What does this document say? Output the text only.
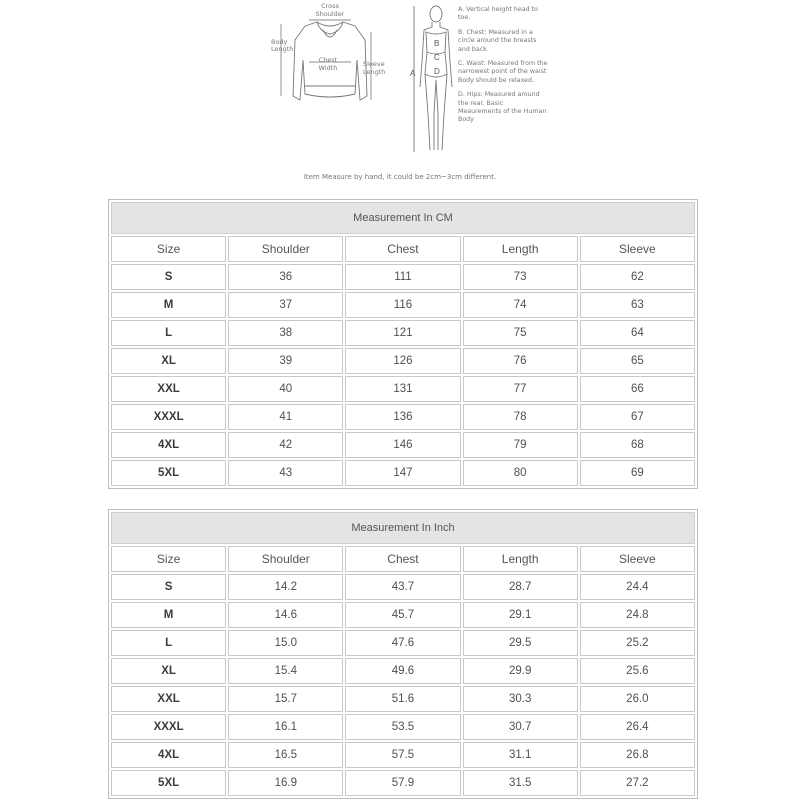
Cross
Shoulder
Body
Length
Chest
Width	Sleeve
Length	A
B
C
D

A. Vertical height head to toe.

B. Chest: Measured in a circle around the breasts and back.

C. Waist: Measured from the narrowest point of the waist Body should be relaxed.

D. Hips: Measured around the rear. Basic Meaurements of the Human Body

Item Measure by hand, it could be 2cm~3cm different.
Measurement In CM				
Size	Shoulder	Chest	Length	Sleeve
S	36	111	73	62
M	37	116	74	63
L	38	121	75	64
XL	39	126	76	65
XXL	40	131	77	66
XXXL	41	136	78	67
4XL	42	146	79	68
5XL	43	147	80	69
Measurement In Inch				
Size	Shoulder	Chest	Length	Sleeve
S	14.2	43.7	28.7	24.4
M	14.6	45.7	29.1	24.8
L	15.0	47.6	29.5	25.2
XL	15.4	49.6	29.9	25.6
XXL	15.7	51.6	30.3	26.0
XXXL	16.1	53.5	30.7	26.4
4XL	16.5	57.5	31.1	26.8
5XL	16.9	57.9	31.5	27.2
